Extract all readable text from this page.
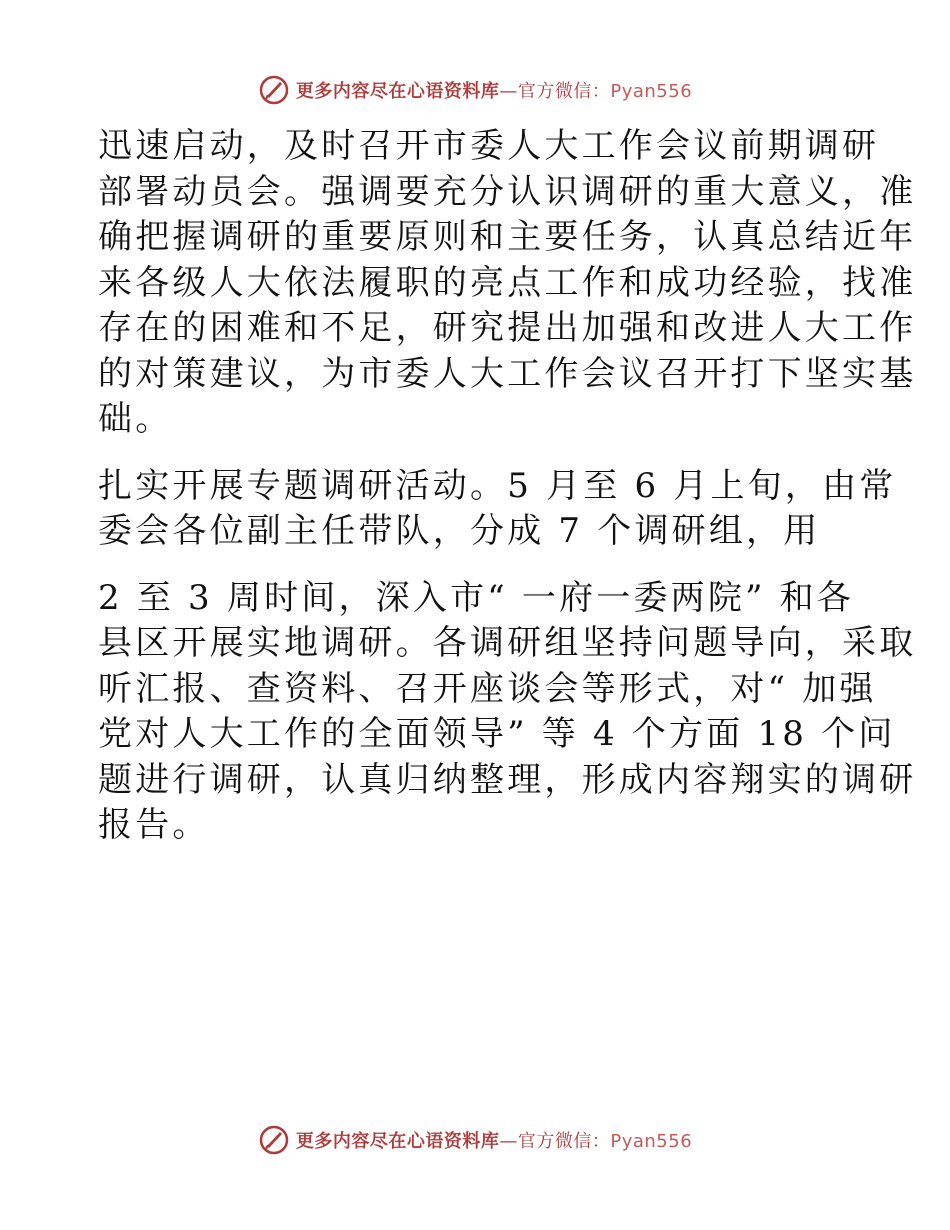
更多内容尽在心语资料库—官方微信：Pyan556

迅速启动，及时召开市委人大工作会议前期调研
部署动员会。强调要充分认识调研的重大意义，准
确把握调研的重要原则和主要任务，认真总结近年
来各级人大依法履职的亮点工作和成功经验，找准
存在的困难和不足，研究提出加强和改进人大工作
的对策建议，为市委人大工作会议召开打下坚实基
础。

扎实开展专题调研活动。5 月至 6 月上旬，由常
委会各位副主任带队，分成 7 个调研组，用

2 至 3 周时间，深入市“ 一府一委两院” 和各
县区开展实地调研。各调研组坚持问题导向，采取
听汇报、查资料、召开座谈会等形式，对“ 加强
党对人大工作的全面领导” 等 4 个方面 18 个问
题进行调研，认真归纳整理，形成内容翔实的调研
报告。

更多内容尽在心语资料库—官方微信：Pyan556
